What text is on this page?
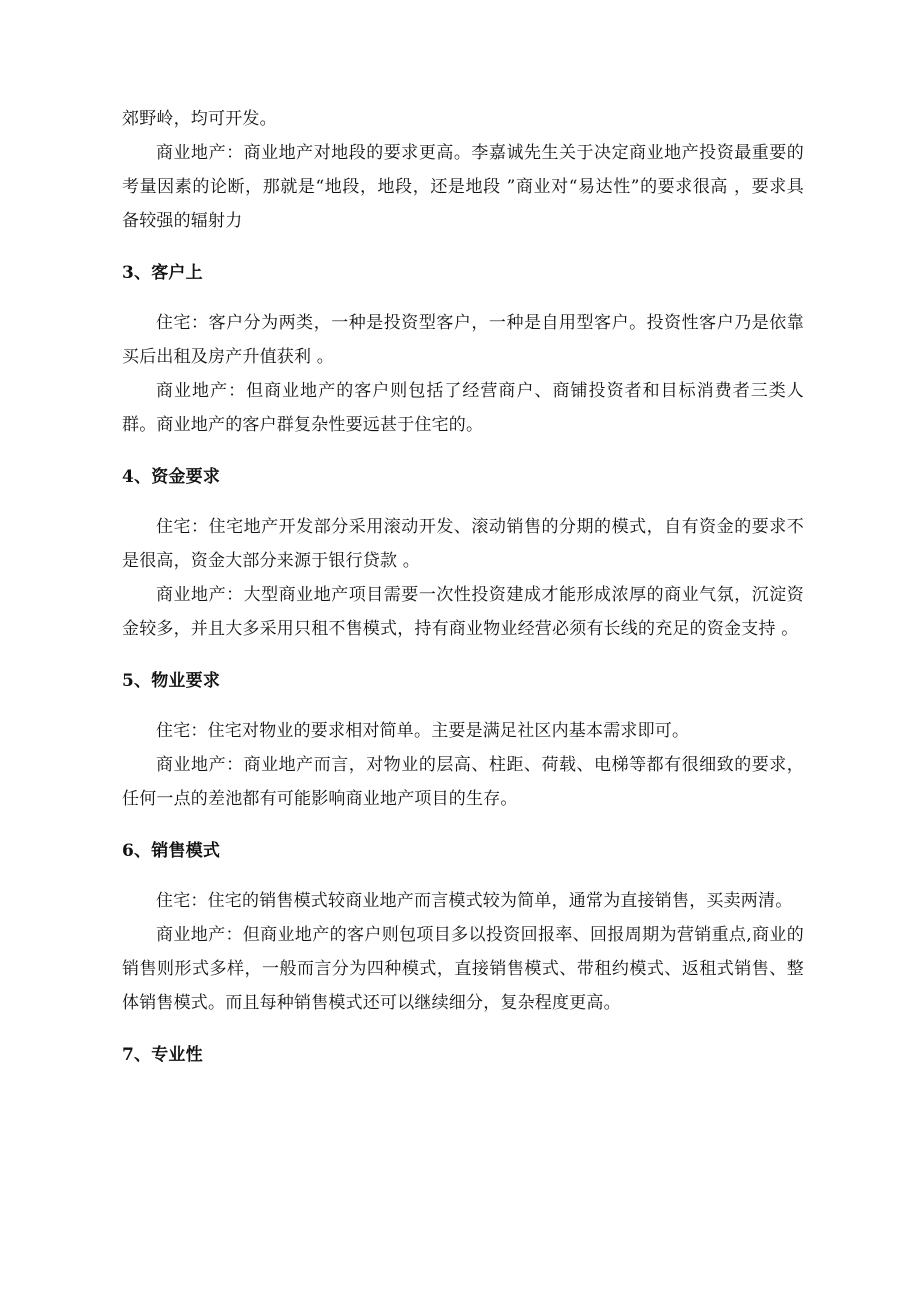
郊野岭，均可开发。

商业地产：商业地产对地段的要求更高。李嘉诚先生关于决定商业地产投资最重要的考量因素的论断，那就是“地段，地段，还是地段 ”商业对“易达性”的要求很高 ，要求具备较强的辐射力

3、客户上

住宅：客户分为两类，一种是投资型客户，一种是自用型客户。投资性客户乃是依靠买后出租及房产升值获利 。

商业地产：但商业地产的客户则包括了经营商户、商铺投资者和目标消费者三类人群。商业地产的客户群复杂性要远甚于住宅的。

4、资金要求

住宅：住宅地产开发部分采用滚动开发、滚动销售的分期的模式，自有资金的要求不是很高，资金大部分来源于银行贷款 。

商业地产：大型商业地产项目需要一次性投资建成才能形成浓厚的商业气氛，沉淀资金较多，并且大多采用只租不售模式，持有商业物业经营必须有长线的充足的资金支持 。

5、物业要求

住宅：住宅对物业的要求相对简单。主要是满足社区内基本需求即可。

商业地产：商业地产而言，对物业的层高、柱距、荷载、电梯等都有很细致的要求，任何一点的差池都有可能影响商业地产项目的生存。

6、销售模式

住宅：住宅的销售模式较商业地产而言模式较为简单，通常为直接销售，买卖两清。

商业地产：但商业地产的客户则包项目多以投资回报率、回报周期为营销重点,商业的销售则形式多样，一般而言分为四种模式，直接销售模式、带租约模式、返租式销售、整体销售模式。而且每种销售模式还可以继续细分，复杂程度更高。

7、专业性
